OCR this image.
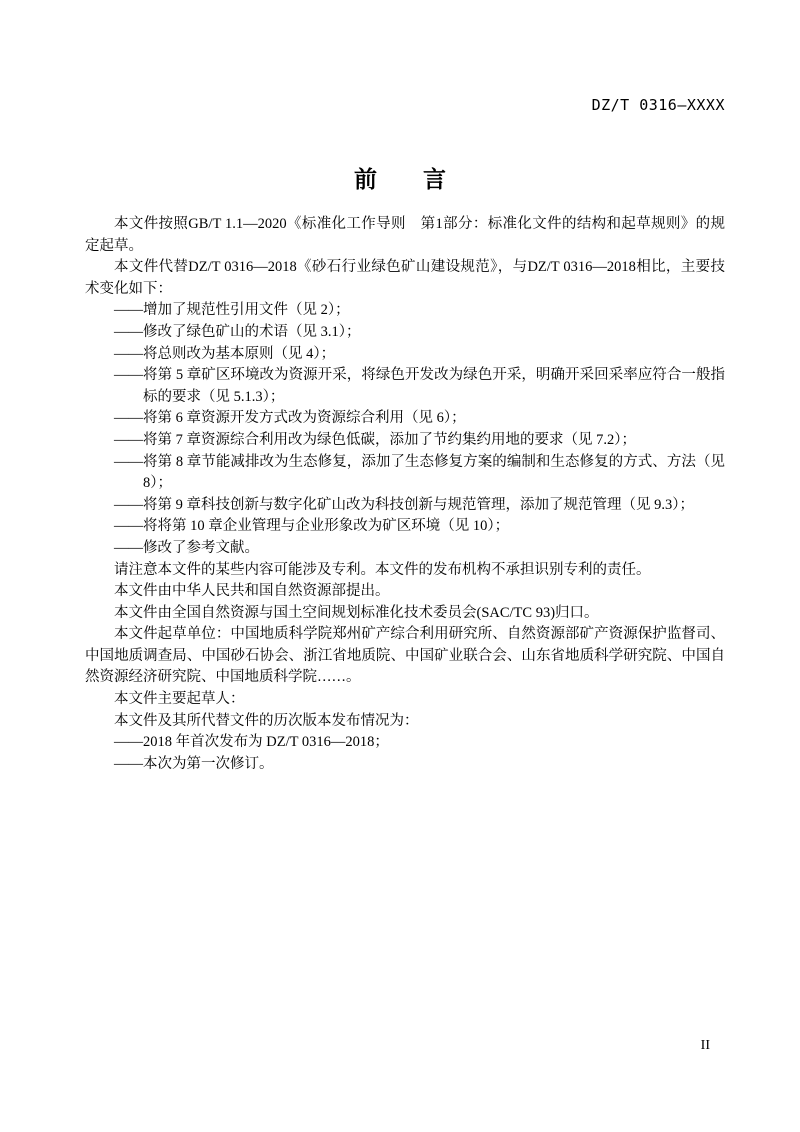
DZ/T 0316—XXXX
前　　言

本文件按照GB/T 1.1—2020《标准化工作导则　第1部分：标准化文件的结构和起草规则》的规定起草。

本文件代替DZ/T 0316—2018《砂石行业绿色矿山建设规范》，与DZ/T 0316—2018相比，主要技术变化如下：

——增加了规范性引用文件（见 2）；

——修改了绿色矿山的术语（见 3.1）；

——将总则改为基本原则（见 4）；

——将第 5 章矿区环境改为资源开采，将绿色开发改为绿色开采，明确开采回采率应符合一般指标的要求（见 5.1.3）；

——将第 6 章资源开发方式改为资源综合利用（见 6）；

——将第 7 章资源综合利用改为绿色低碳，添加了节约集约用地的要求（见 7.2）；

——将第 8 章节能减排改为生态修复，添加了生态修复方案的编制和生态修复的方式、方法（见 8）；

——将第 9 章科技创新与数字化矿山改为科技创新与规范管理，添加了规范管理（见 9.3）；

——将将第 10 章企业管理与企业形象改为矿区环境（见 10）；

——修改了参考文献。

请注意本文件的某些内容可能涉及专利。本文件的发布机构不承担识别专利的责任。

本文件由中华人民共和国自然资源部提出。

本文件由全国自然资源与国土空间规划标准化技术委员会(SAC/TC 93)归口。

本文件起草单位：中国地质科学院郑州矿产综合利用研究所、自然资源部矿产资源保护监督司、中国地质调查局、中国砂石协会、浙江省地质院、中国矿业联合会、山东省地质科学研究院、中国自然资源经济研究院、中国地质科学院……。

本文件主要起草人：

本文件及其所代替文件的历次版本发布情况为：

——2018 年首次发布为 DZ/T 0316—2018；

——本次为第一次修订。

II
